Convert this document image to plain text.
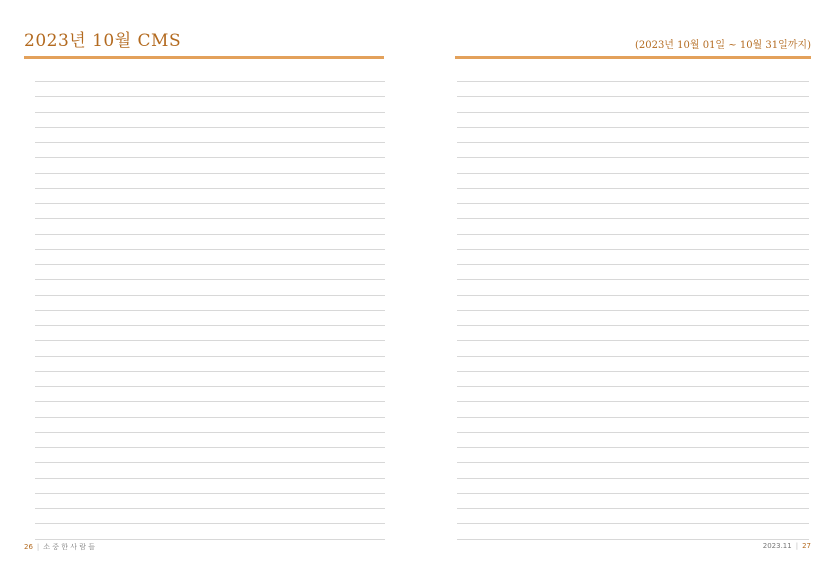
2023년 10월 CMS	(2023년 10월 01일 ~ 10월 31일까지)

26 | 소 중 한 사 람 들	2023.11 | 27
